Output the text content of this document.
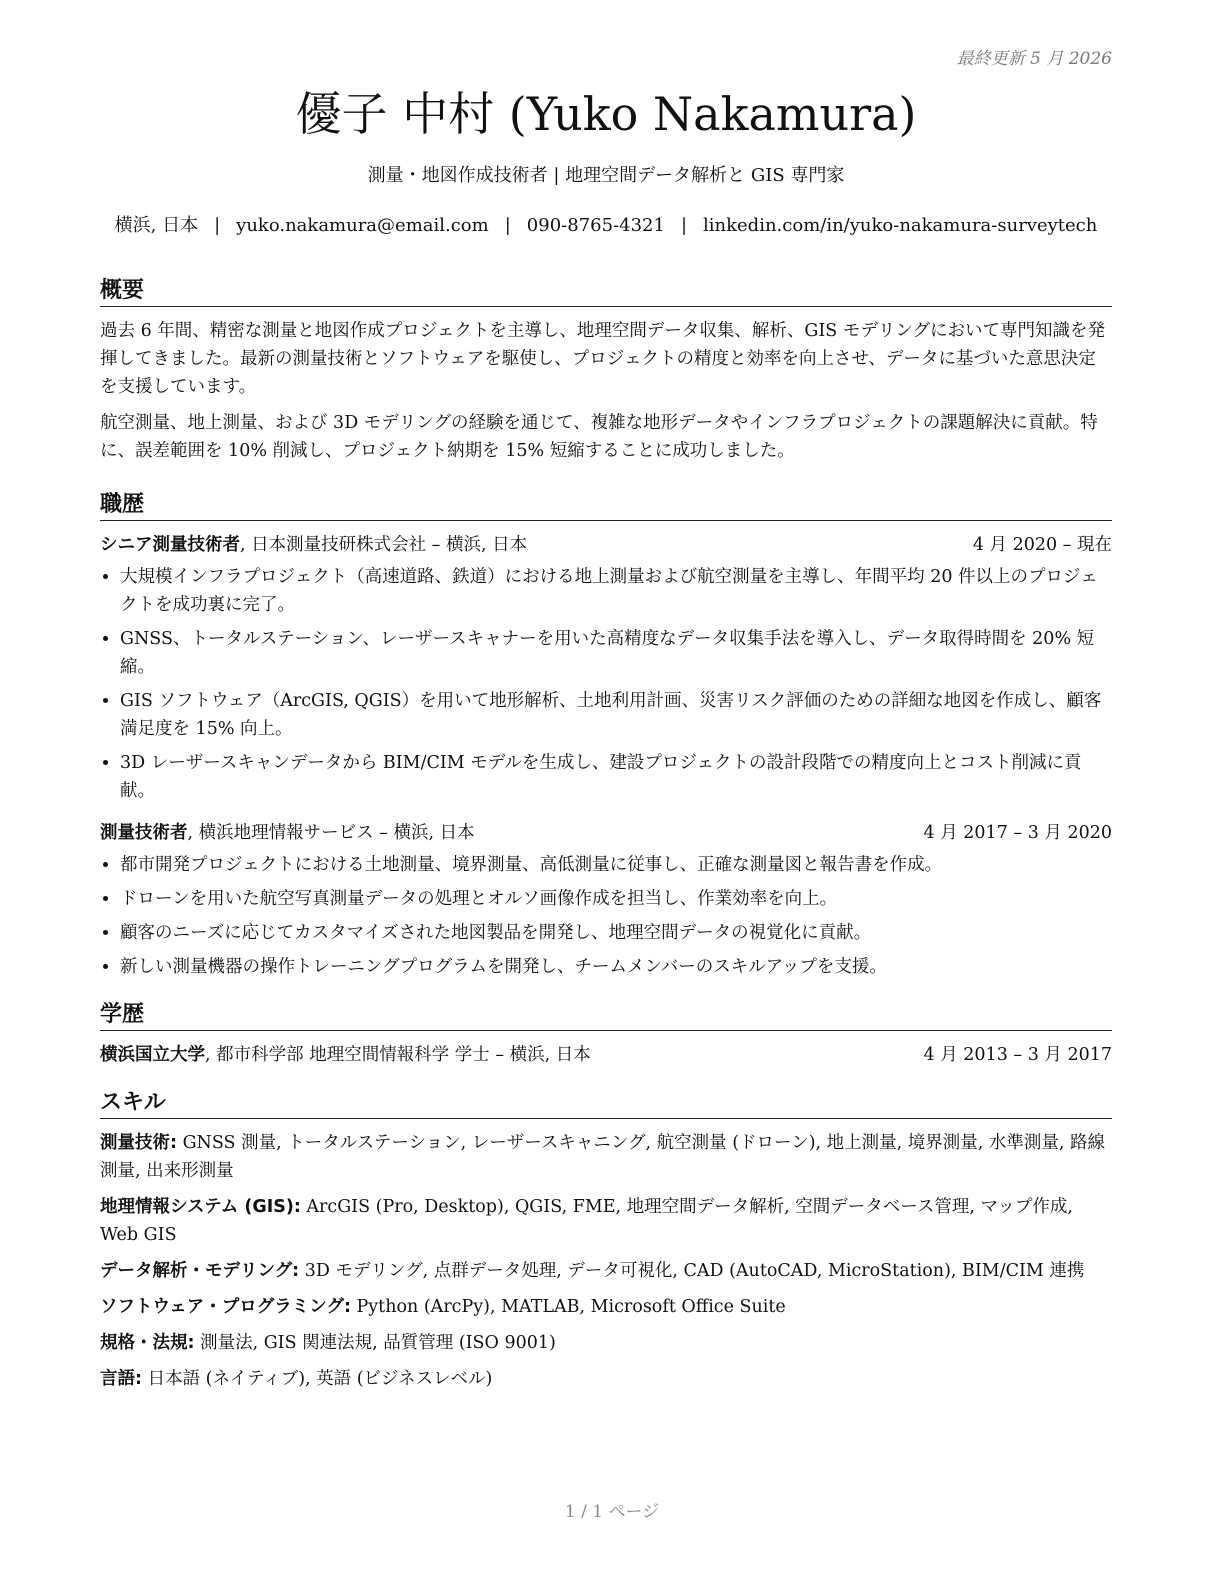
最終更新 5 月 2026
優子 中村 (Yuko Nakamura)
測量・地図作成技術者 | 地理空間データ解析と GIS 専門家
横浜, 日本 | yuko.nakamura@email.com | 090-8765-4321 | linkedin.com/in/yuko-nakamura-surveytech
概要

過去 6 年間、精密な測量と地図作成プロジェクトを主導し、地理空間データ収集、解析、GIS モデリングにおいて専門知識を発揮してきました。最新の測量技術とソフトウェアを駆使し、プロジェクトの精度と効率を向上させ、データに基づいた意思決定を支援しています。

航空測量、地上測量、および 3D モデリングの経験を通じて、複雑な地形データやインフラプロジェクトの課題解決に貢献。特に、誤差範囲を 10% 削減し、プロジェクト納期を 15% 短縮することに成功しました。

職歴
シニア測量技術者, 日本測量技研株式会社 – 横浜, 日本	4 月 2020 – 現在
• 大規模インフラプロジェクト（高速道路、鉄道）における地上測量および航空測量を主導し、年間平均 20 件以上のプロジェクトを成功裏に完了。
• GNSS、トータルステーション、レーザースキャナーを用いた高精度なデータ収集手法を導入し、データ取得時間を 20% 短縮。
• GIS ソフトウェア（ArcGIS, QGIS）を用いて地形解析、土地利用計画、災害リスク評価のための詳細な地図を作成し、顧客満足度を 15% 向上。
• 3D レーザースキャンデータから BIM/CIM モデルを生成し、建設プロジェクトの設計段階での精度向上とコスト削減に貢献。
測量技術者, 横浜地理情報サービス – 横浜, 日本	4 月 2017 – 3 月 2020
• 都市開発プロジェクトにおける土地測量、境界測量、高低測量に従事し、正確な測量図と報告書を作成。
• ドローンを用いた航空写真測量データの処理とオルソ画像作成を担当し、作業効率を向上。
• 顧客のニーズに応じてカスタマイズされた地図製品を開発し、地理空間データの視覚化に貢献。
• 新しい測量機器の操作トレーニングプログラムを開発し、チームメンバーのスキルアップを支援。
学歴
横浜国立大学, 都市科学部 地理空間情報科学 学士 – 横浜, 日本	4 月 2013 – 3 月 2017
スキル

測量技術: GNSS 測量, トータルステーション, レーザースキャニング, 航空測量 (ドローン), 地上測量, 境界測量, 水準測量, 路線測量, 出来形測量

地理情報システム (GIS): ArcGIS (Pro, Desktop), QGIS, FME, 地理空間データ解析, 空間データベース管理, マップ作成, Web GIS

データ解析・モデリング: 3D モデリング, 点群データ処理, データ可視化, CAD (AutoCAD, MicroStation), BIM/CIM 連携

ソフトウェア・プログラミング: Python (ArcPy), MATLAB, Microsoft Office Suite

規格・法規: 測量法, GIS 関連法規, 品質管理 (ISO 9001)

言語: 日本語 (ネイティブ), 英語 (ビジネスレベル)

1 / 1 ページ
